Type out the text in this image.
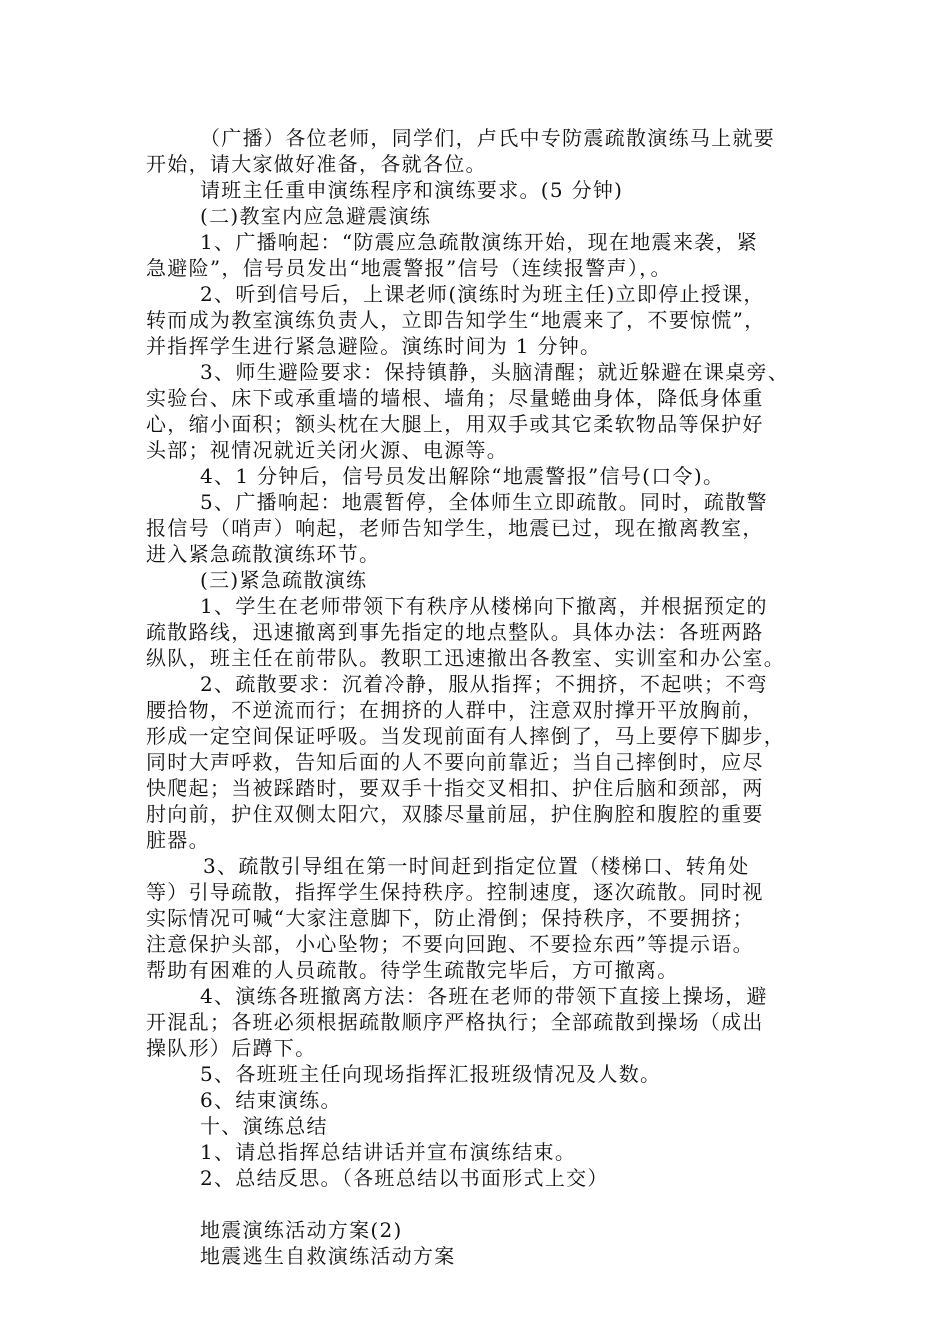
（广播）各位老师，同学们，卢氏中专防震疏散演练马上就要
开始，请大家做好准备，各就各位。
请班主任重申演练程序和演练要求。(5 分钟)
(二)教室内应急避震演练
1、广播响起：“防震应急疏散演练开始，现在地震来袭，紧
急避险”，信号员发出“地震警报”信号（连续报警声），。
2、听到信号后，上课老师(演练时为班主任)立即停止授课，
转而成为教室演练负责人，立即告知学生“地震来了，不要惊慌”，
并指挥学生进行紧急避险。演练时间为 1 分钟。
3、师生避险要求：保持镇静，头脑清醒；就近躲避在课桌旁、
实验台、床下或承重墙的墙根、墙角；尽量蜷曲身体，降低身体重
心，缩小面积；额头枕在大腿上，用双手或其它柔软物品等保护好
头部；视情况就近关闭火源、电源等。
4、1 分钟后，信号员发出解除“地震警报”信号(口令)。
5、广播响起：地震暂停，全体师生立即疏散。同时，疏散警
报信号（哨声）响起，老师告知学生，地震已过，现在撤离教室，
进入紧急疏散演练环节。
(三)紧急疏散演练
1、学生在老师带领下有秩序从楼梯向下撤离，并根据预定的
疏散路线，迅速撤离到事先指定的地点整队。具体办法：各班两路
纵队，班主任在前带队。教职工迅速撤出各教室、实训室和办公室。
2、疏散要求：沉着冷静，服从指挥；不拥挤，不起哄；不弯
腰拾物，不逆流而行；在拥挤的人群中，注意双肘撑开平放胸前，
形成一定空间保证呼吸。当发现前面有人摔倒了，马上要停下脚步，
同时大声呼救，告知后面的人不要向前靠近；当自己摔倒时，应尽
快爬起；当被踩踏时，要双手十指交叉相扣、护住后脑和颈部，两
肘向前，护住双侧太阳穴，双膝尽量前屈，护住胸腔和腹腔的重要
脏器。
3、疏散引导组在第一时间赶到指定位置（楼梯口、转角处
等）引导疏散，指挥学生保持秩序。控制速度，逐次疏散。同时视
实际情况可喊“大家注意脚下，防止滑倒；保持秩序，不要拥挤；
注意保护头部，小心坠物；不要向回跑、不要捡东西”等提示语。
帮助有困难的人员疏散。待学生疏散完毕后，方可撤离。
4、演练各班撤离方法：各班在老师的带领下直接上操场，避
开混乱；各班必须根据疏散顺序严格执行；全部疏散到操场（成出
操队形）后蹲下。
5、各班班主任向现场指挥汇报班级情况及人数。
6、结束演练。
十、演练总结
1、请总指挥总结讲话并宣布演练结束。
2、总结反思。（各班总结以书面形式上交）
地震演练活动方案(2)
地震逃生自救演练活动方案
